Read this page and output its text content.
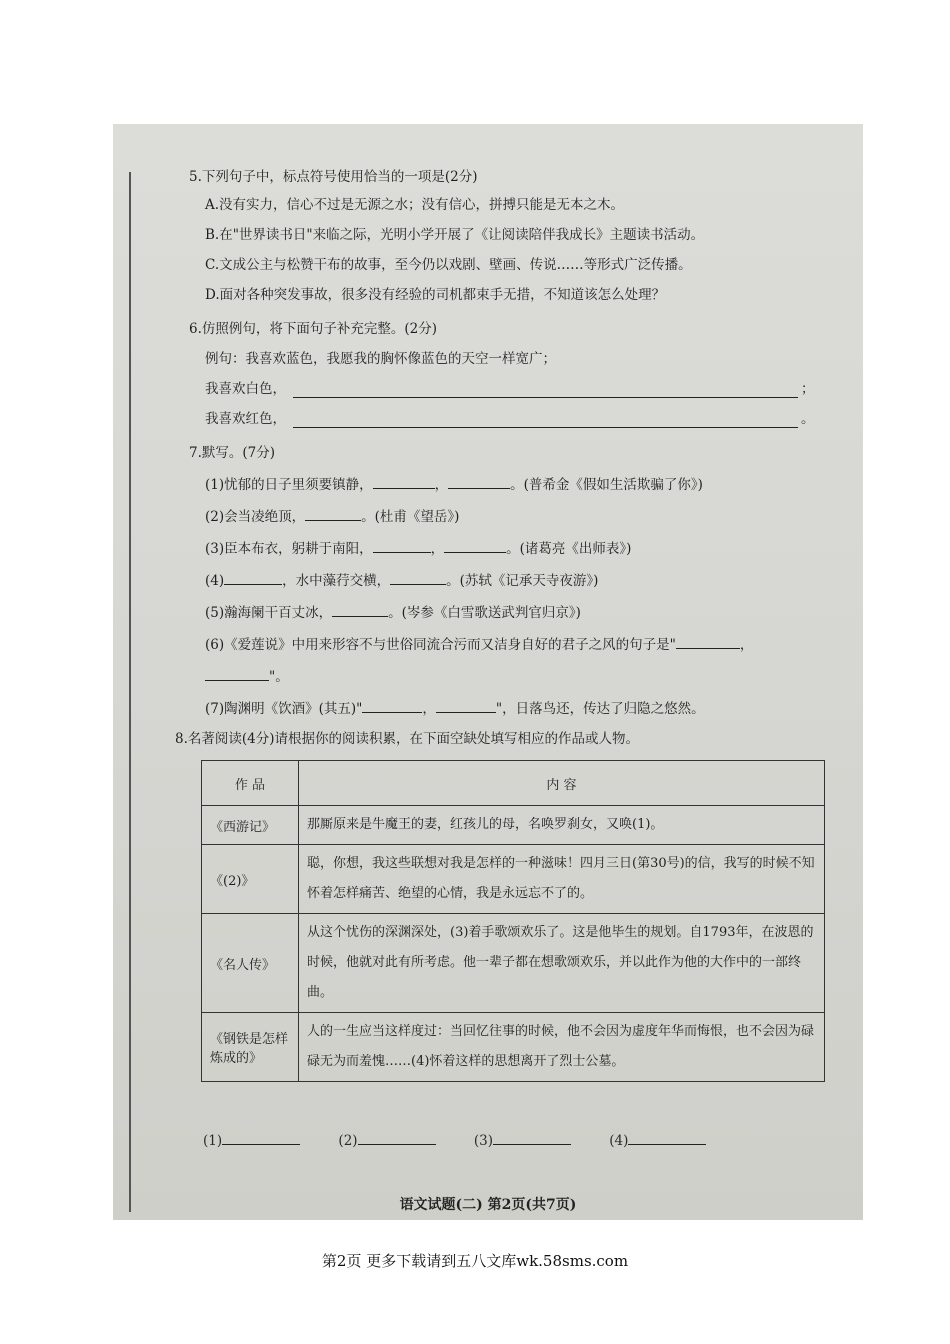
5.下列句子中，标点符号使用恰当的一项是(2分)
A.没有实力，信心不过是无源之水；没有信心，拼搏只能是无本之木。
B.在"世界读书日"来临之际，光明小学开展了《让阅读陪伴我成长》主题读书活动。
C.文成公主与松赞干布的故事，至今仍以戏剧、壁画、传说……等形式广泛传播。
D.面对各种突发事故，很多没有经验的司机都束手无措，不知道该怎么处理？
6.仿照例句，将下面句子补充完整。(2分)
例句：我喜欢蓝色，我愿我的胸怀像蓝色的天空一样宽广；
我喜欢白色，	；
我喜欢红色，	。
7.默写。(7分)
(1)忧郁的日子里须要镇静，	，	。(普希金《假如生活欺骗了你》)
(2)会当凌绝顶，	。(杜甫《望岳》)
(3)臣本布衣，躬耕于南阳，	，	。(诸葛亮《出师表》)
(4)	，水中藻荇交横，	。(苏轼《记承天寺夜游》)
(5)瀚海阑干百丈冰，	。(岑参《白雪歌送武判官归京》)
(6)《爱莲说》中用来形容不与世俗同流合污而又洁身自好的君子之风的句子是"	，
"。
(7)陶渊明《饮酒》(其五)"	，	"，日落鸟还，传达了归隐之悠然。
8.名著阅读(4分)请根据你的阅读积累，在下面空缺处填写相应的作品或人物。
作 品	内 容
《西游记》	那厮原来是牛魔王的妻，红孩儿的母，名唤罗刹女，又唤(1)。
《(2)》	聪，你想，我这些联想对我是怎样的一种滋味！四月三日(第30号)的信，我写的时候不知怀着怎样痛苦、绝望的心情，我是永远忘不了的。
《名人传》	从这个忧伤的深渊深处，(3)着手歌颂欢乐了。这是他毕生的规划。自1793年，在波恩的时候，他就对此有所考虑。他一辈子都在想歌颂欢乐，并以此作为他的大作中的一部终曲。
《钢铁是怎样炼成的》	人的一生应当这样度过：当回忆往事的时候，他不会因为虚度年华而悔恨，也不会因为碌碌无为而羞愧……(4)怀着这样的思想离开了烈士公墓。
(1)	(2)	(3)	(4)
语文试题(二) 第2页(共7页)
第2页 更多下载请到五八文库wk.58sms.com
